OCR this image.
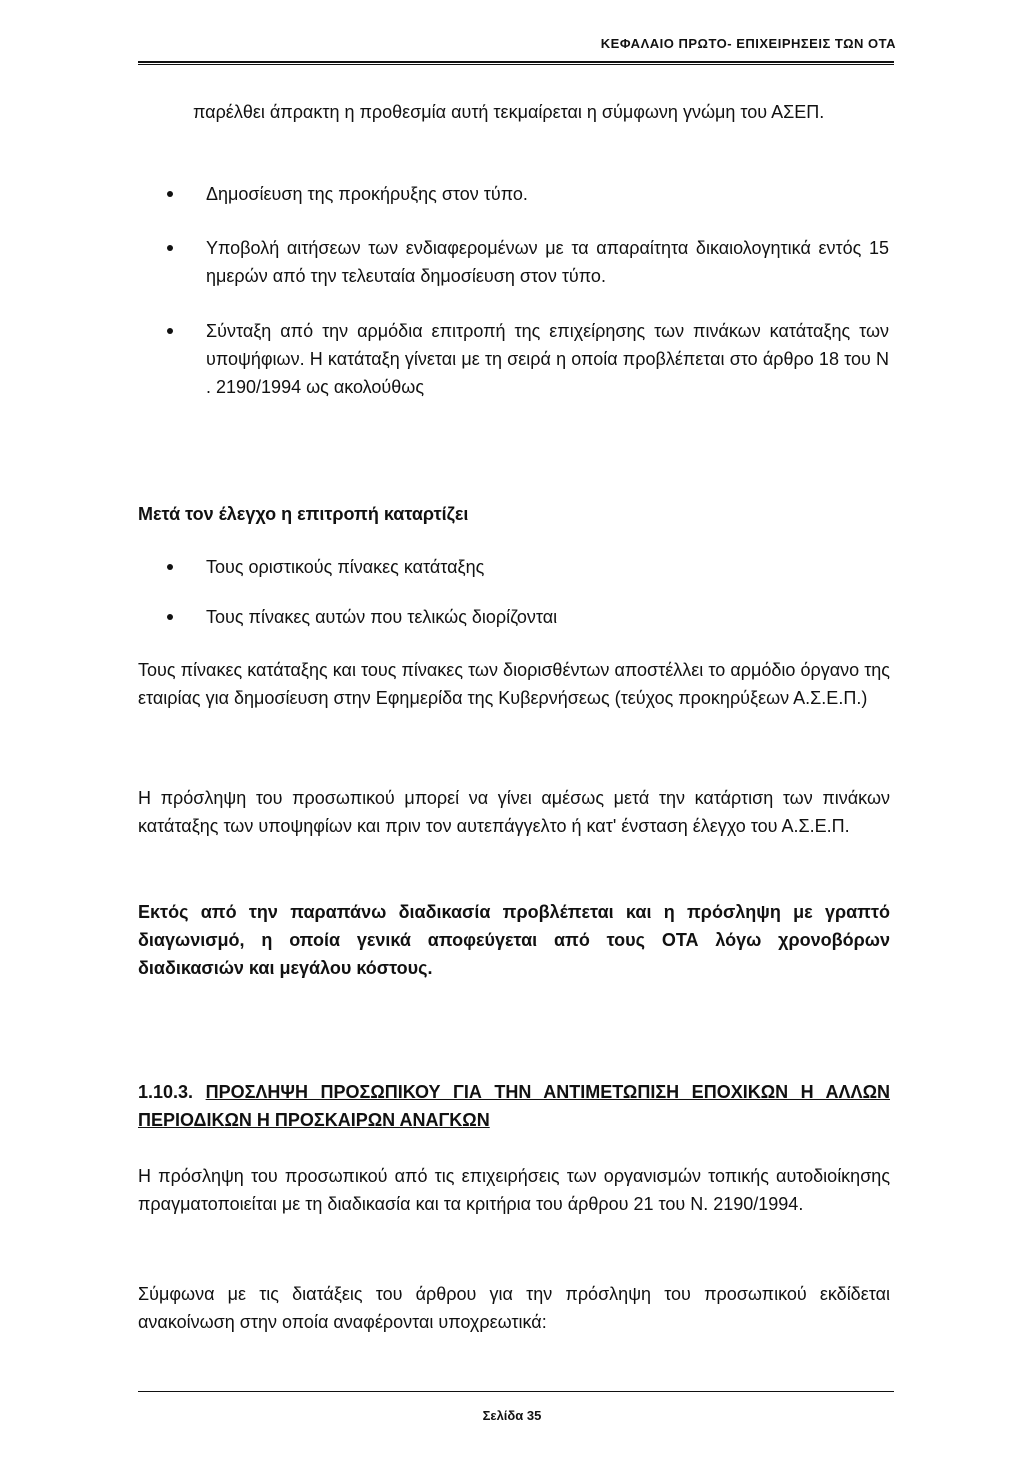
ΚΕΦΑΛΑΙΟ ΠΡΩΤΟ- ΕΠΙΧΕΙΡΗΣΕΙΣ ΤΩΝ ΟΤΑ

παρέλθει άπρακτη η προθεσμία αυτή τεκμαίρεται η σύμφωνη γνώμη του ΑΣΕΠ.

Δημοσίευση της προκήρυξης στον τύπο.
Υποβολή αιτήσεων των ενδιαφερομένων με τα απαραίτητα δικαιολογητικά εντός 15 ημερών από την τελευταία δημοσίευση στον τύπο.
Σύνταξη από την αρμόδια επιτροπή της επιχείρησης των πινάκων κατάταξης των υποψήφιων. Η κατάταξη γίνεται με τη σειρά η οποία προβλέπεται στο άρθρο 18 του Ν . 2190/1994 ως ακολούθως
Μετά τον έλεγχο η επιτροπή καταρτίζει
Τους οριστικούς πίνακες κατάταξης
Τους πίνακες αυτών που τελικώς διορίζονται
Τους πίνακες κατάταξης και τους πίνακες των διορισθέντων αποστέλλει το αρμόδιο όργανο της εταιρίας για δημοσίευση στην Εφημερίδα της Κυβερνήσεως (τεύχος προκηρύξεων Α.Σ.Ε.Π.)
Η πρόσληψη του προσωπικού μπορεί να γίνει αμέσως μετά την κατάρτιση των πινάκων κατάταξης των υποψηφίων και πριν τον αυτεπάγγελτο ή κατ' ένσταση έλεγχο του Α.Σ.Ε.Π.
Εκτός από την παραπάνω διαδικασία προβλέπεται και η πρόσληψη με γραπτό διαγωνισμό, η οποία γενικά αποφεύγεται από τους ΟΤΑ λόγω χρονοβόρων διαδικασιών και μεγάλου κόστους.
1.10.3. ΠΡΟΣΛΗΨΗ ΠΡΟΣΩΠΙΚΟΥ ΓΙΑ ΤΗΝ ΑΝΤΙΜΕΤΩΠΙΣΗ ΕΠΟΧΙΚΩΝ Η ΑΛΛΩΝ ΠΕΡΙΟΔΙΚΩΝ Η ΠΡΟΣΚΑΙΡΩΝ ΑΝΑΓΚΩΝ
Η πρόσληψη του προσωπικού από τις επιχειρήσεις των οργανισμών τοπικής αυτοδιοίκησης πραγματοποιείται με τη διαδικασία και τα κριτήρια του άρθρου 21 του Ν. 2190/1994.
Σύμφωνα με τις διατάξεις του άρθρου για την πρόσληψη του προσωπικού εκδίδεται ανακοίνωση στην οποία αναφέρονται υποχρεωτικά:
Σελίδα 35
